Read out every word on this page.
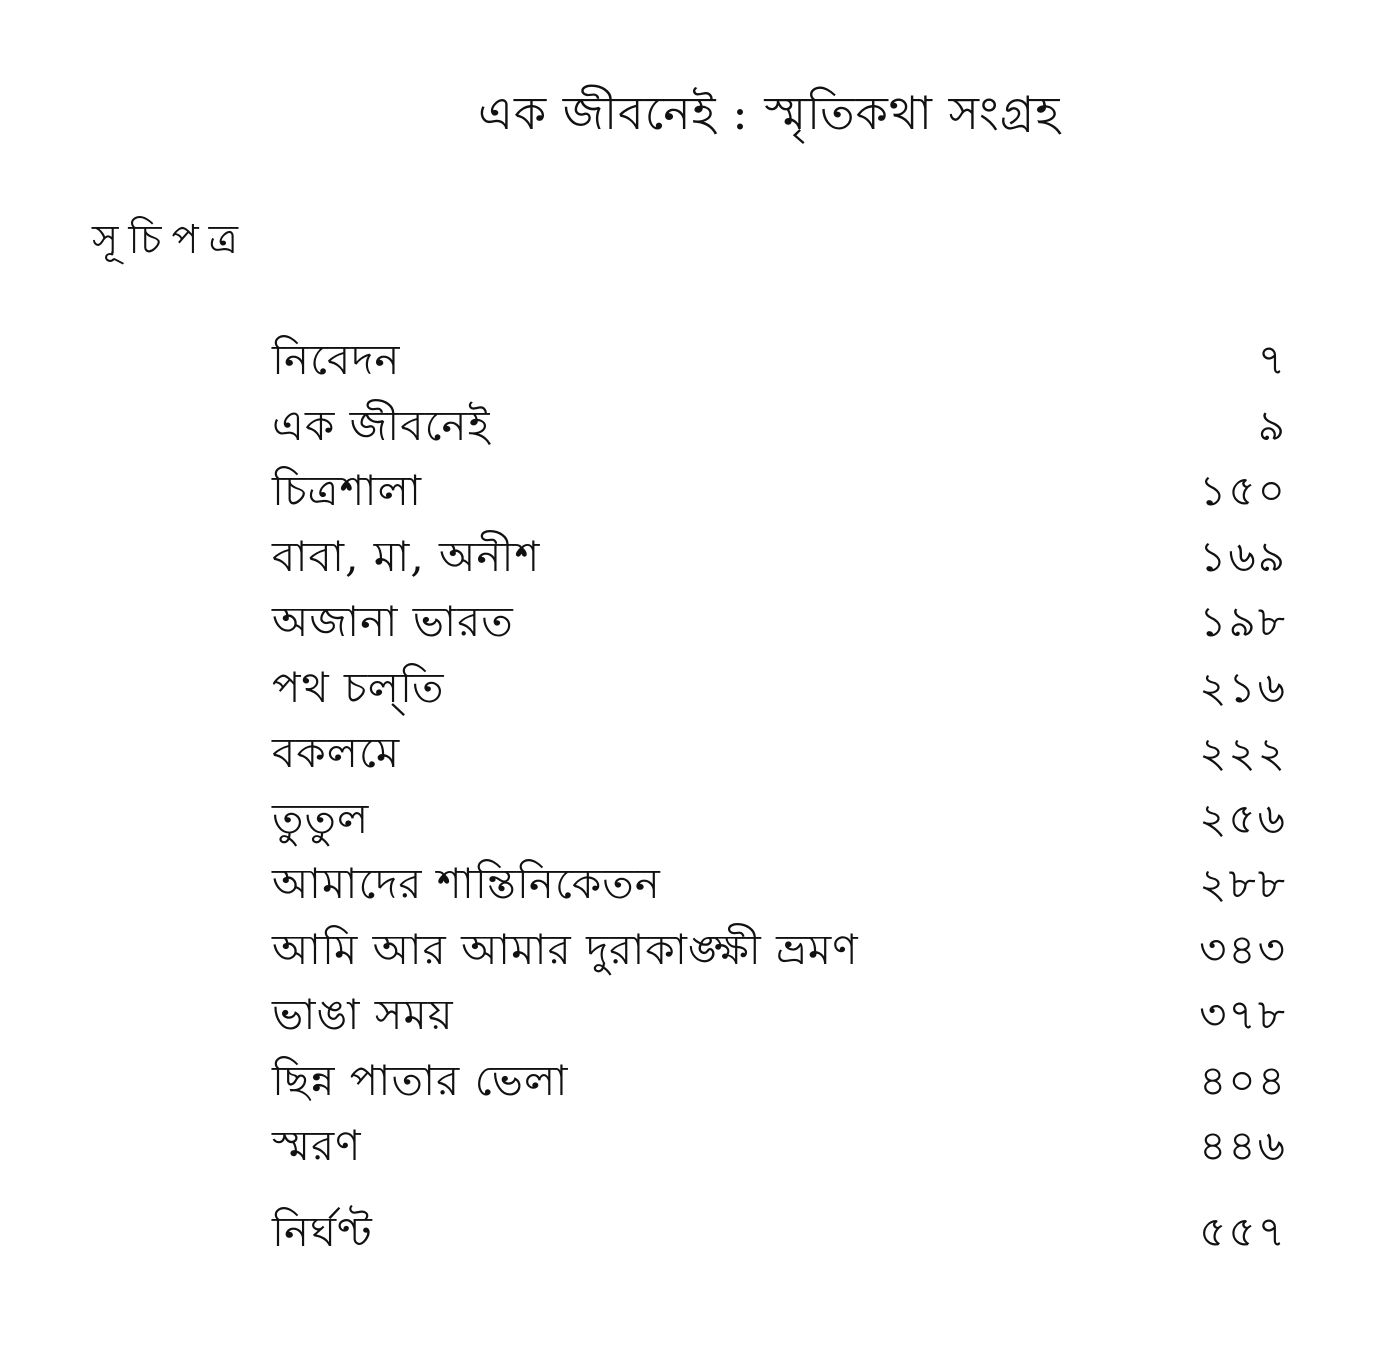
এক জীবনেই : স্মৃতিকথা সংগ্রহ
সূচিপত্র
নিবেদন	৭
এক জীবনেই	৯
চিত্রশালা	১৫০
বাবা, মা, অনীশ	১৬৯
অজানা ভারত	১৯৮
পথ চল্‌তি	২১৬
বকলমে	২২২
তুতুল	২৫৬
আমাদের শান্তিনিকেতন	২৮৮
আমি আর আমার দুরাকাঙ্ক্ষী ভ্রমণ	৩৪৩
ভাঙা সময়	৩৭৮
ছিন্ন পাতার ভেলা	৪০৪
স্মরণ	৪৪৬
নির্ঘণ্ট	৫৫৭
